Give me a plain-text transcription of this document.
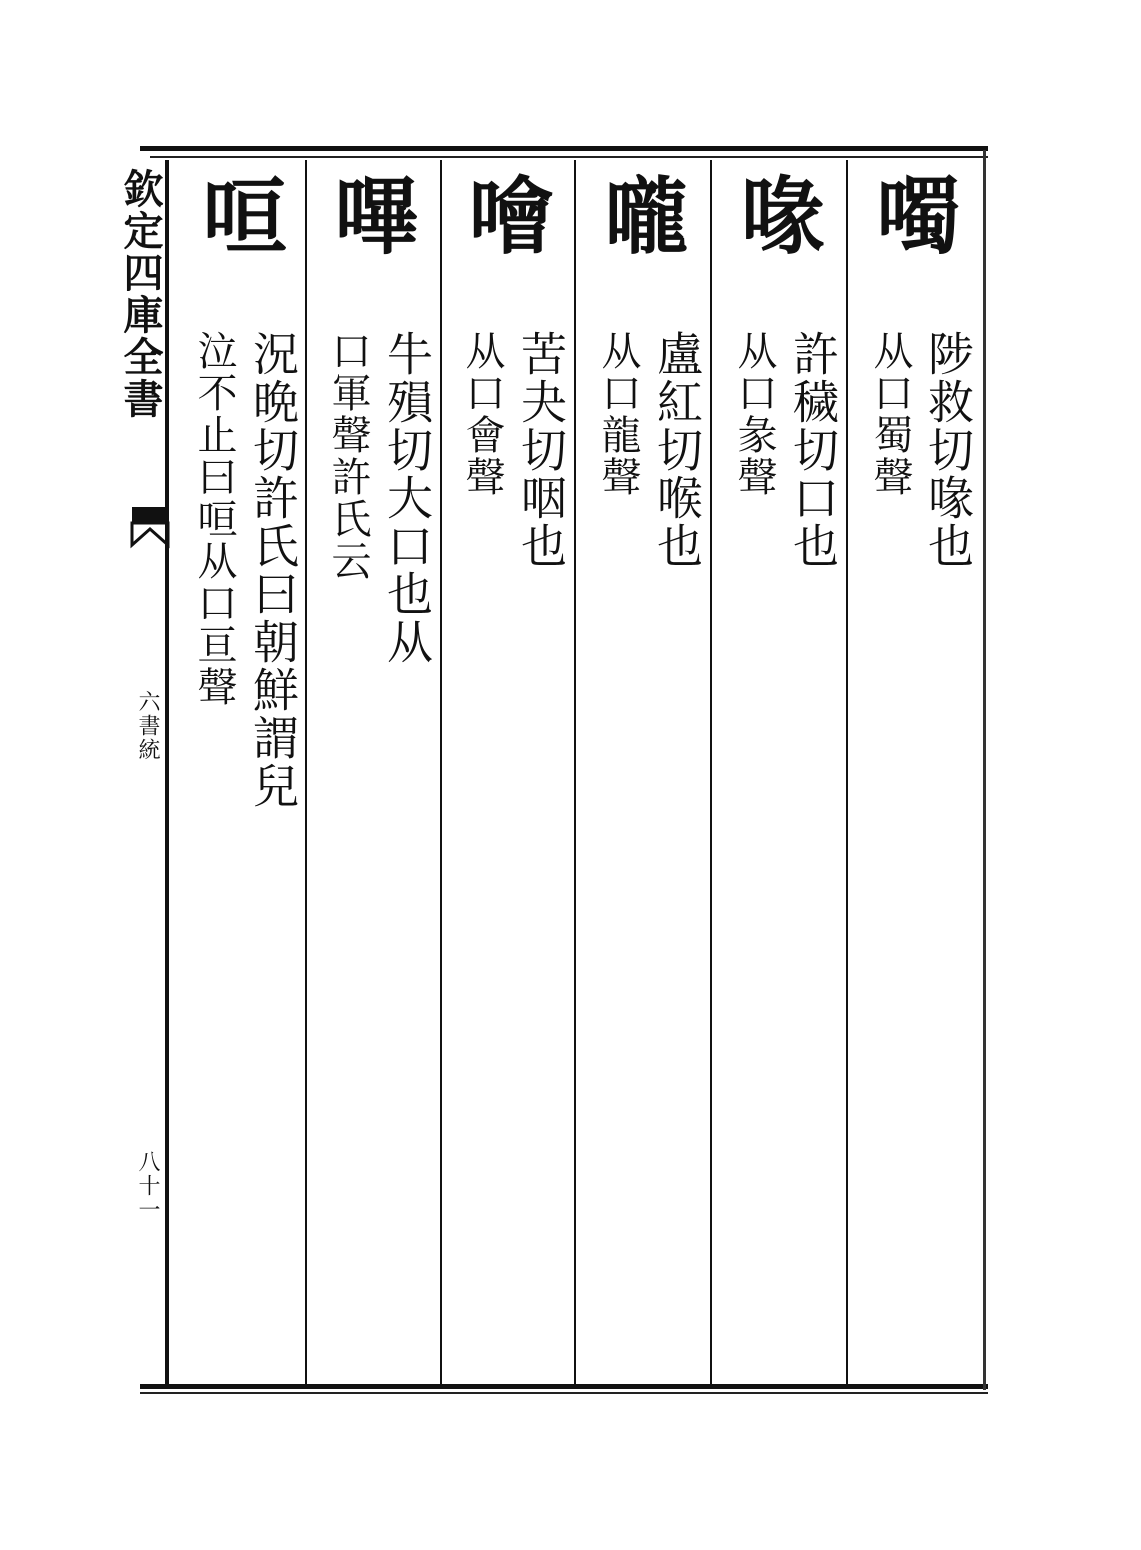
欽定四庫全書
六書統
八十一
噣
陟救切喙也
从口蜀聲
喙
許穢切口也
从口彖聲
嚨
盧紅切喉也
从口龍聲
噲
苦夬切咽也
从口會聲
嗶
牛殞切大口也从
口軍聲許氏云
咺
況晩切許氏曰朝鮮謂兒
泣不止曰咺从口亘聲
